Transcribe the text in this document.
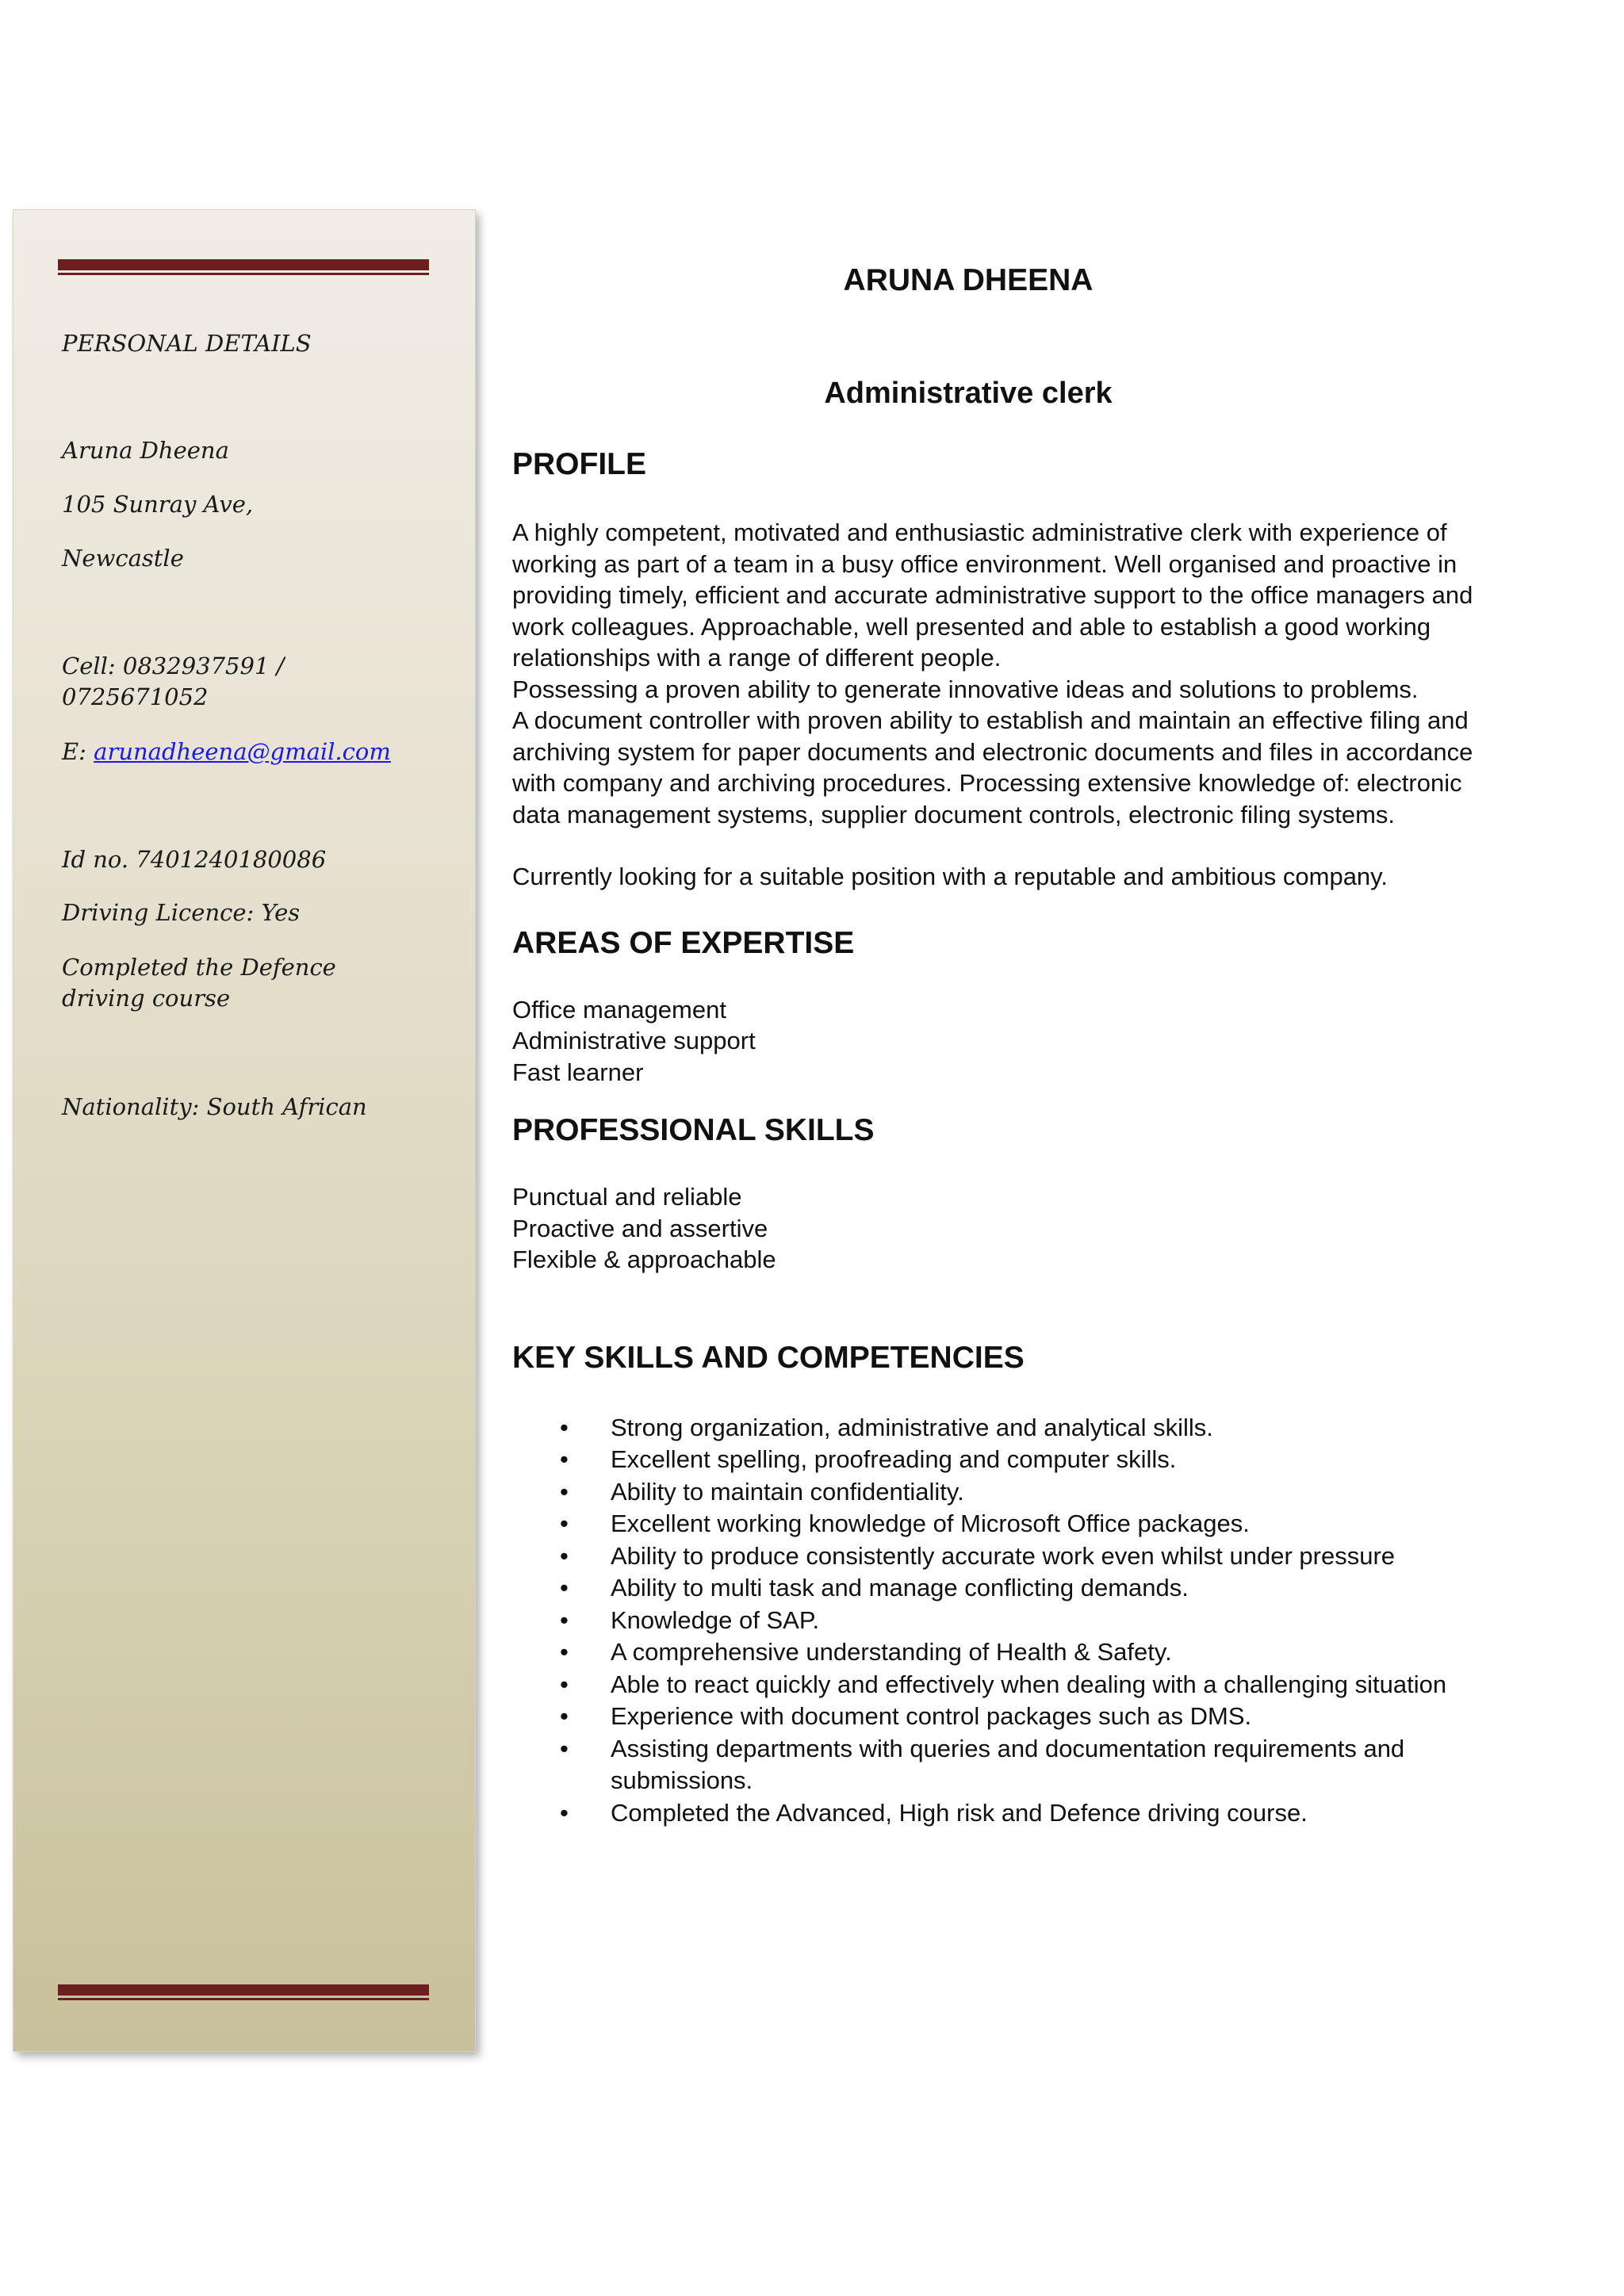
PERSONAL DETAILS
Aruna Dheena
105 Sunray Ave,
Newcastle
Cell: 0832937591 / 0725671052
E: arunadheena@gmail.com
Id no. 7401240180086
Driving Licence: Yes
Completed the Defence driving course
Nationality: South African
ARUNA DHEENA
Administrative clerk
PROFILE

A highly competent, motivated and enthusiastic administrative clerk with experience of working as part of a team in a busy office environment. Well organised and proactive in providing timely, efficient and accurate administrative support to the office managers and work colleagues. Approachable, well presented and able to establish a good working relationships with a range of different people.

Possessing a proven ability to generate innovative ideas and solutions to problems.

A document controller with proven ability to establish and maintain an effective filing and archiving system for paper documents and electronic documents and files in accordance with company and archiving procedures. Processing extensive knowledge of: electronic data management systems, supplier document controls, electronic filing systems.

Currently looking for a suitable position with a reputable and ambitious company.

AREAS OF EXPERTISE
Office management
Administrative support
Fast learner
PROFESSIONAL SKILLS
Punctual and reliable
Proactive and assertive
Flexible & approachable
KEY SKILLS AND COMPETENCIES
• Strong organization, administrative and analytical skills.
• Excellent spelling, proofreading and computer skills.
• Ability to maintain confidentiality.
• Excellent working knowledge of Microsoft Office packages.
• Ability to produce consistently accurate work even whilst under pressure
• Ability to multi task and manage conflicting demands.
• Knowledge of SAP.
• A comprehensive understanding of Health & Safety.
• Able to react quickly and effectively when dealing with a challenging situation
• Experience with document control packages such as DMS.
• Assisting departments with queries and documentation requirements and submissions.
• Completed the Advanced, High risk and Defence driving course.
